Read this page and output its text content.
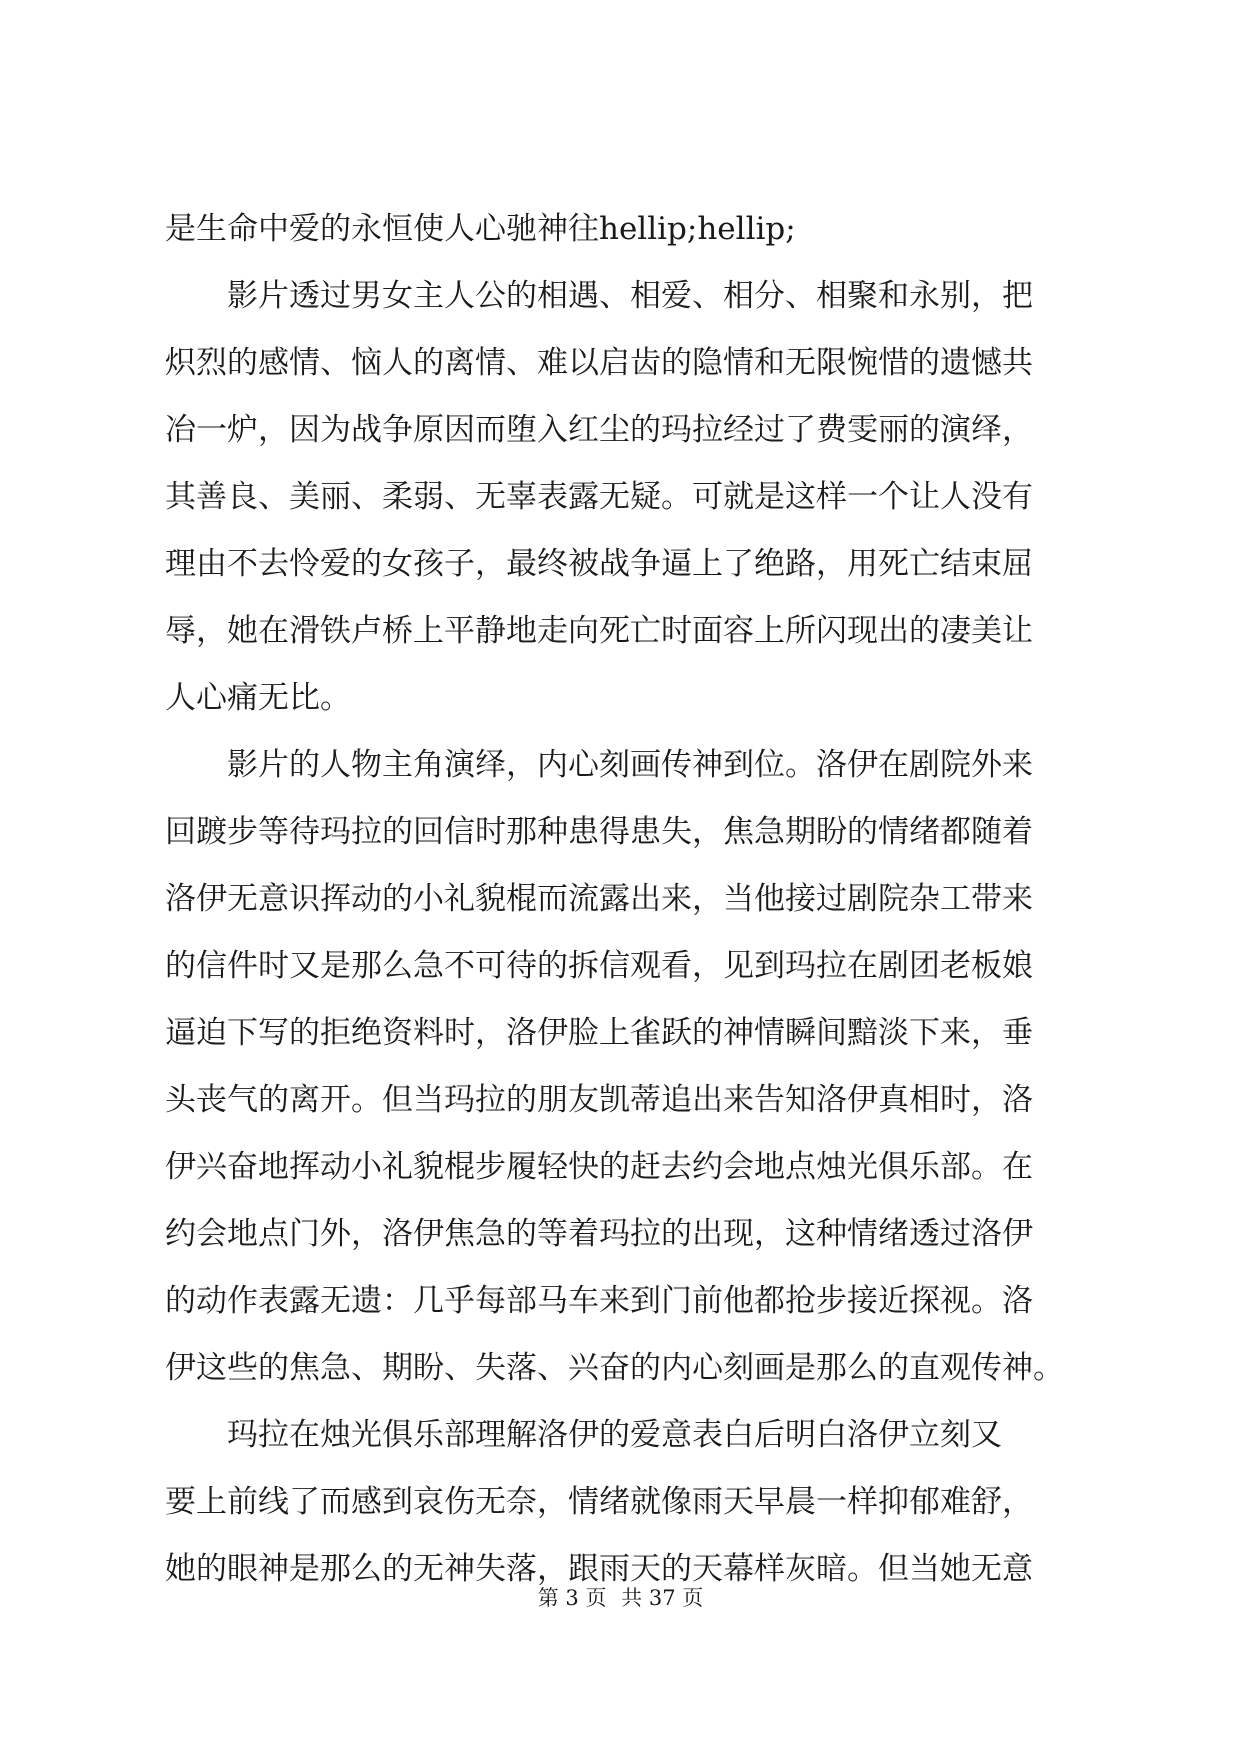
是生命中爱的永恒使人心驰神往hellip;hellip;
影片透过男女主人公的相遇、相爱、相分、相聚和永别，把
炽烈的感情、恼人的离情、难以启齿的隐情和无限惋惜的遗憾共
冶一炉，因为战争原因而堕入红尘的玛拉经过了费雯丽的演绎，
其善良、美丽、柔弱、无辜表露无疑。可就是这样一个让人没有
理由不去怜爱的女孩子，最终被战争逼上了绝路，用死亡结束屈
辱，她在滑铁卢桥上平静地走向死亡时面容上所闪现出的凄美让
人心痛无比。
影片的人物主角演绎，内心刻画传神到位。洛伊在剧院外来
回踱步等待玛拉的回信时那种患得患失，焦急期盼的情绪都随着
洛伊无意识挥动的小礼貌棍而流露出来，当他接过剧院杂工带来
的信件时又是那么急不可待的拆信观看，见到玛拉在剧团老板娘
逼迫下写的拒绝资料时，洛伊脸上雀跃的神情瞬间黯淡下来，垂
头丧气的离开。但当玛拉的朋友凯蒂追出来告知洛伊真相时，洛
伊兴奋地挥动小礼貌棍步履轻快的赶去约会地点烛光俱乐部。在
约会地点门外，洛伊焦急的等着玛拉的出现，这种情绪透过洛伊
的动作表露无遗：几乎每部马车来到门前他都抢步接近探视。洛
伊这些的焦急、期盼、失落、兴奋的内心刻画是那么的直观传神。
玛拉在烛光俱乐部理解洛伊的爱意表白后明白洛伊立刻又
要上前线了而感到哀伤无奈，情绪就像雨天早晨一样抑郁难舒，
她的眼神是那么的无神失落，跟雨天的天幕样灰暗。但当她无意
第 3 页 共 37 页
